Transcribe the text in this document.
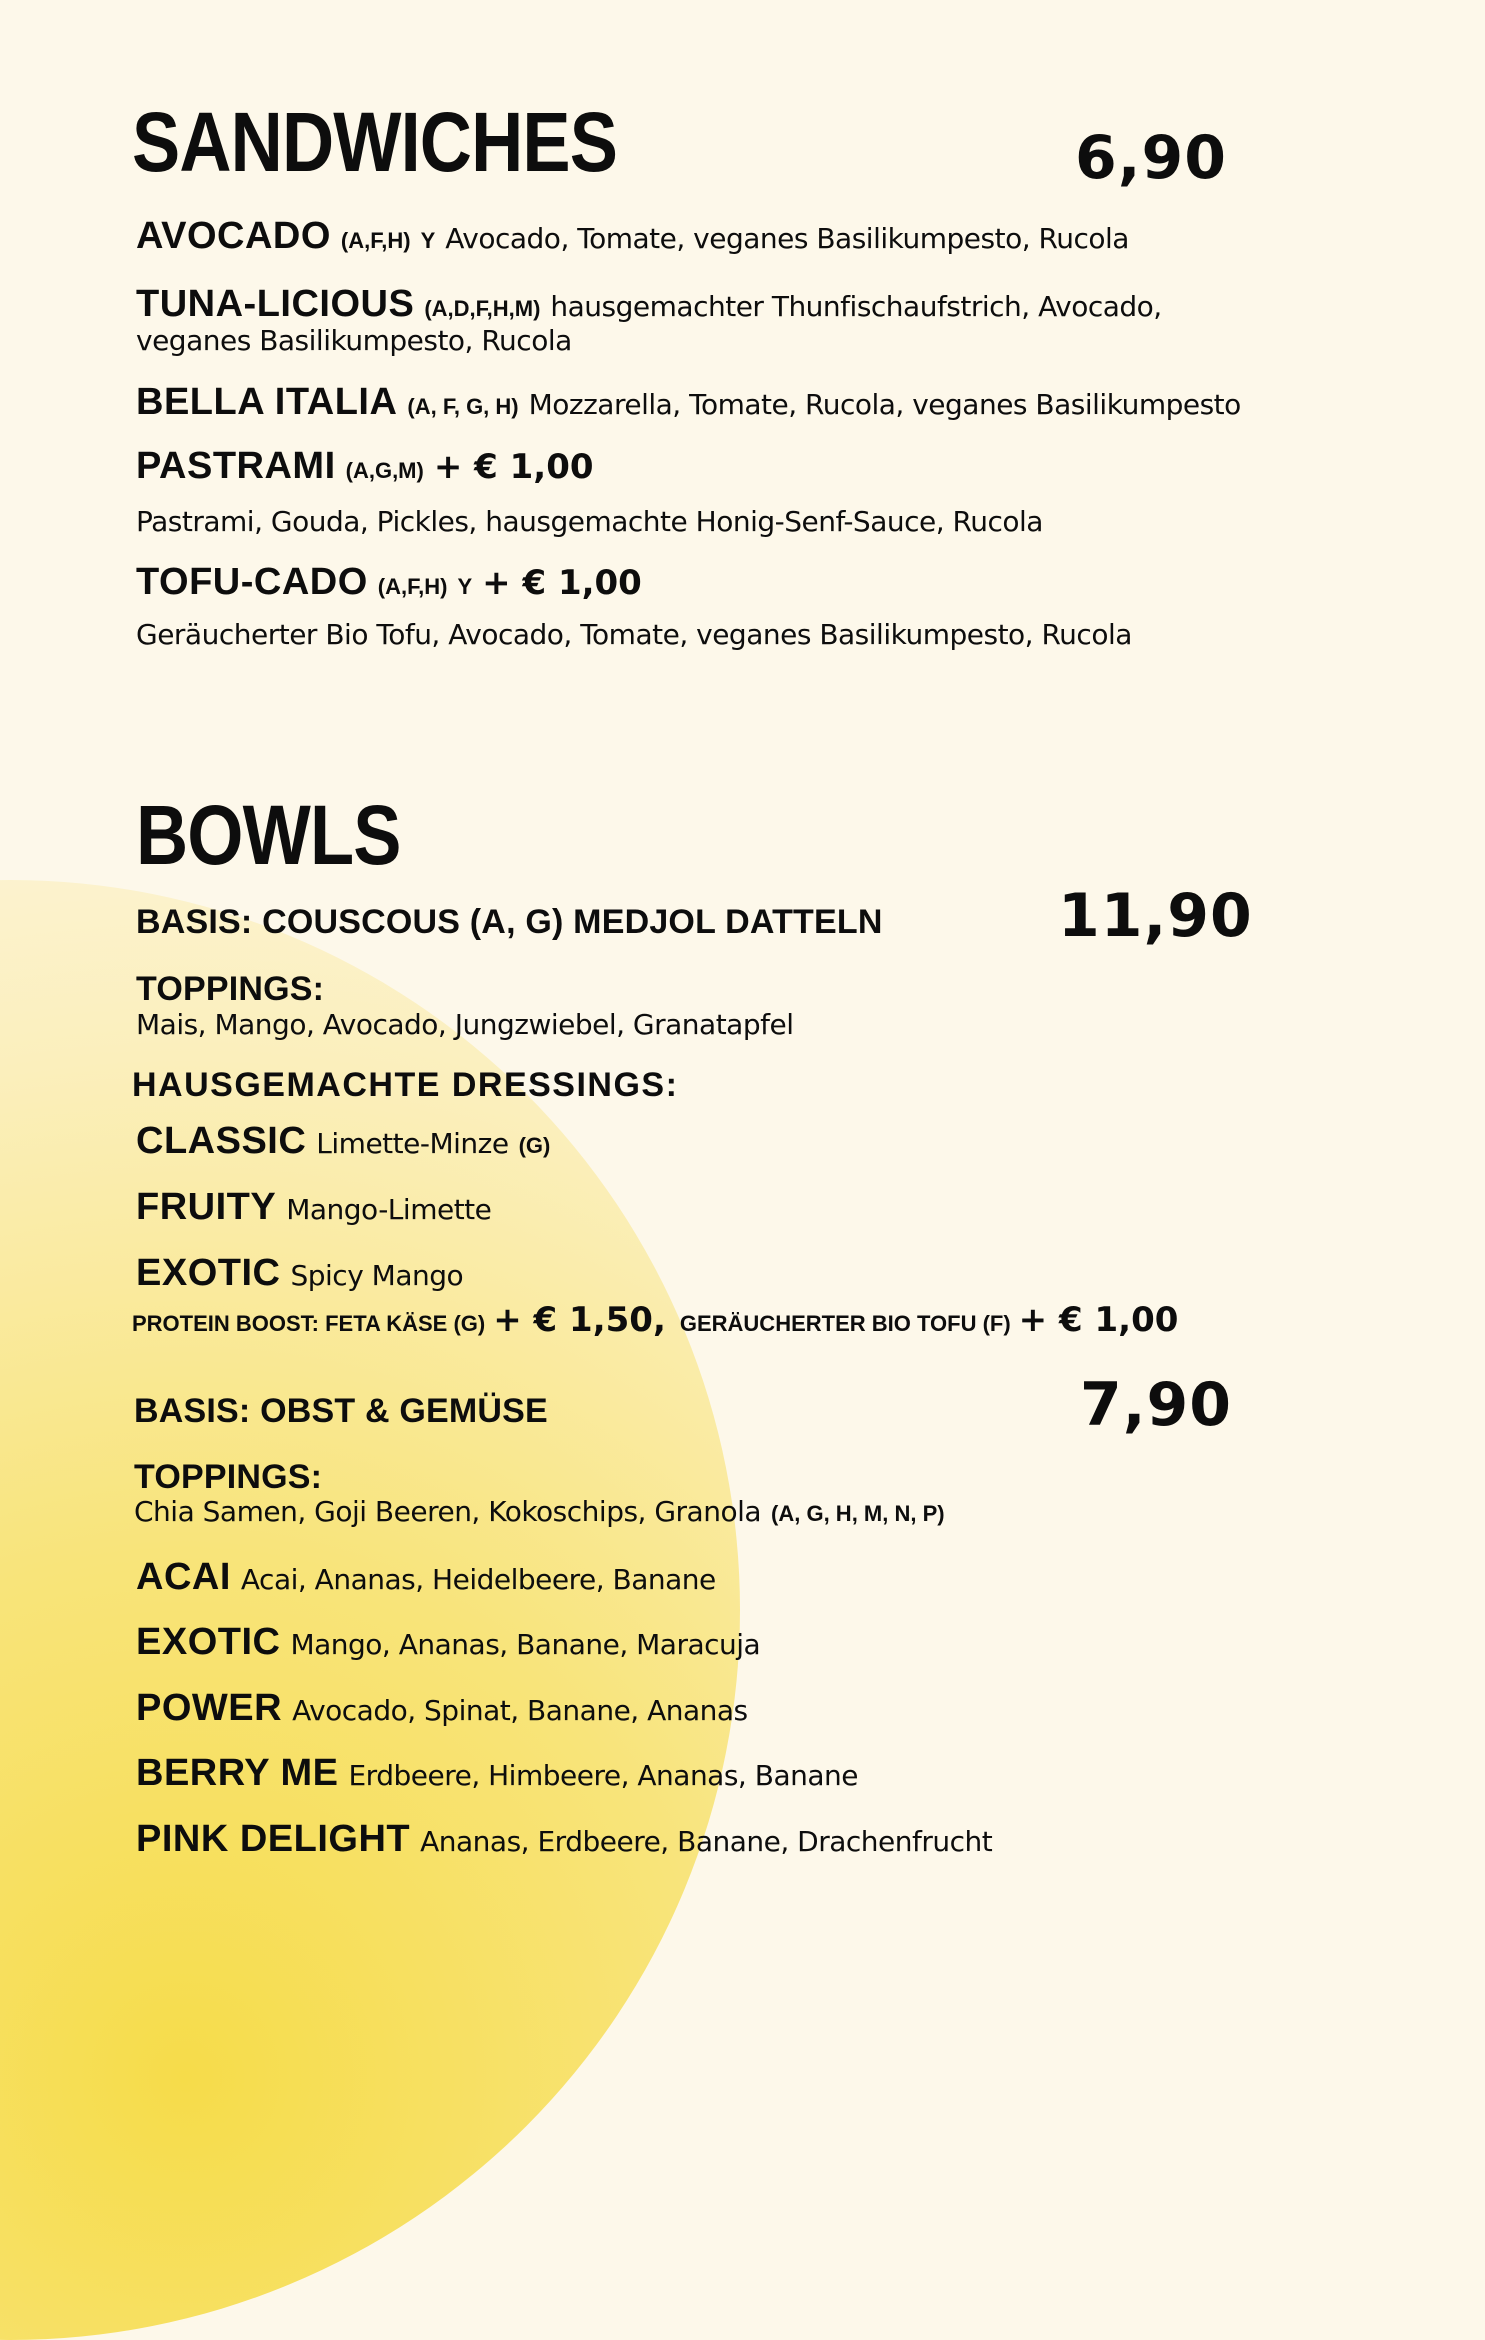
SANDWICHES	6,90
AVOCADO (A,F,H) Y Avocado, Tomate, veganes Basilikumpesto, Rucola
TUNA-LICIOUS (A,D,F,H,M) hausgemachter Thunfischaufstrich, Avocado,
veganes Basilikumpesto, Rucola
BELLA ITALIA (A, F, G, H) Mozzarella, Tomate, Rucola, veganes Basilikumpesto
PASTRAMI (A,G,M) + € 1,00
Pastrami, Gouda, Pickles, hausgemachte Honig-Senf-Sauce, Rucola
TOFU-CADO (A,F,H) Y + € 1,00
Geräucherter Bio Tofu, Avocado, Tomate, veganes Basilikumpesto, Rucola
BOWLS
BASIS: COUSCOUS (A, G) MEDJOL DATTELN	11,90
TOPPINGS:
Mais, Mango, Avocado, Jungzwiebel, Granatapfel
HAUSGEMACHTE DRESSINGS:
CLASSIC Limette-Minze (G)
FRUITY Mango-Limette
EXOTIC Spicy Mango
PROTEIN BOOST: FETA KÄSE (G) + € 1,50, GERÄUCHERTER BIO TOFU (F) + € 1,00
BASIS: OBST & GEMÜSE	7,90
TOPPINGS:
Chia Samen, Goji Beeren, Kokoschips, Granola (A, G, H, M, N, P)
ACAI Acai, Ananas, Heidelbeere, Banane
EXOTIC Mango, Ananas, Banane, Maracuja
POWER Avocado, Spinat, Banane, Ananas
BERRY ME Erdbeere, Himbeere, Ananas, Banane
PINK DELIGHT Ananas, Erdbeere, Banane, Drachenfrucht
